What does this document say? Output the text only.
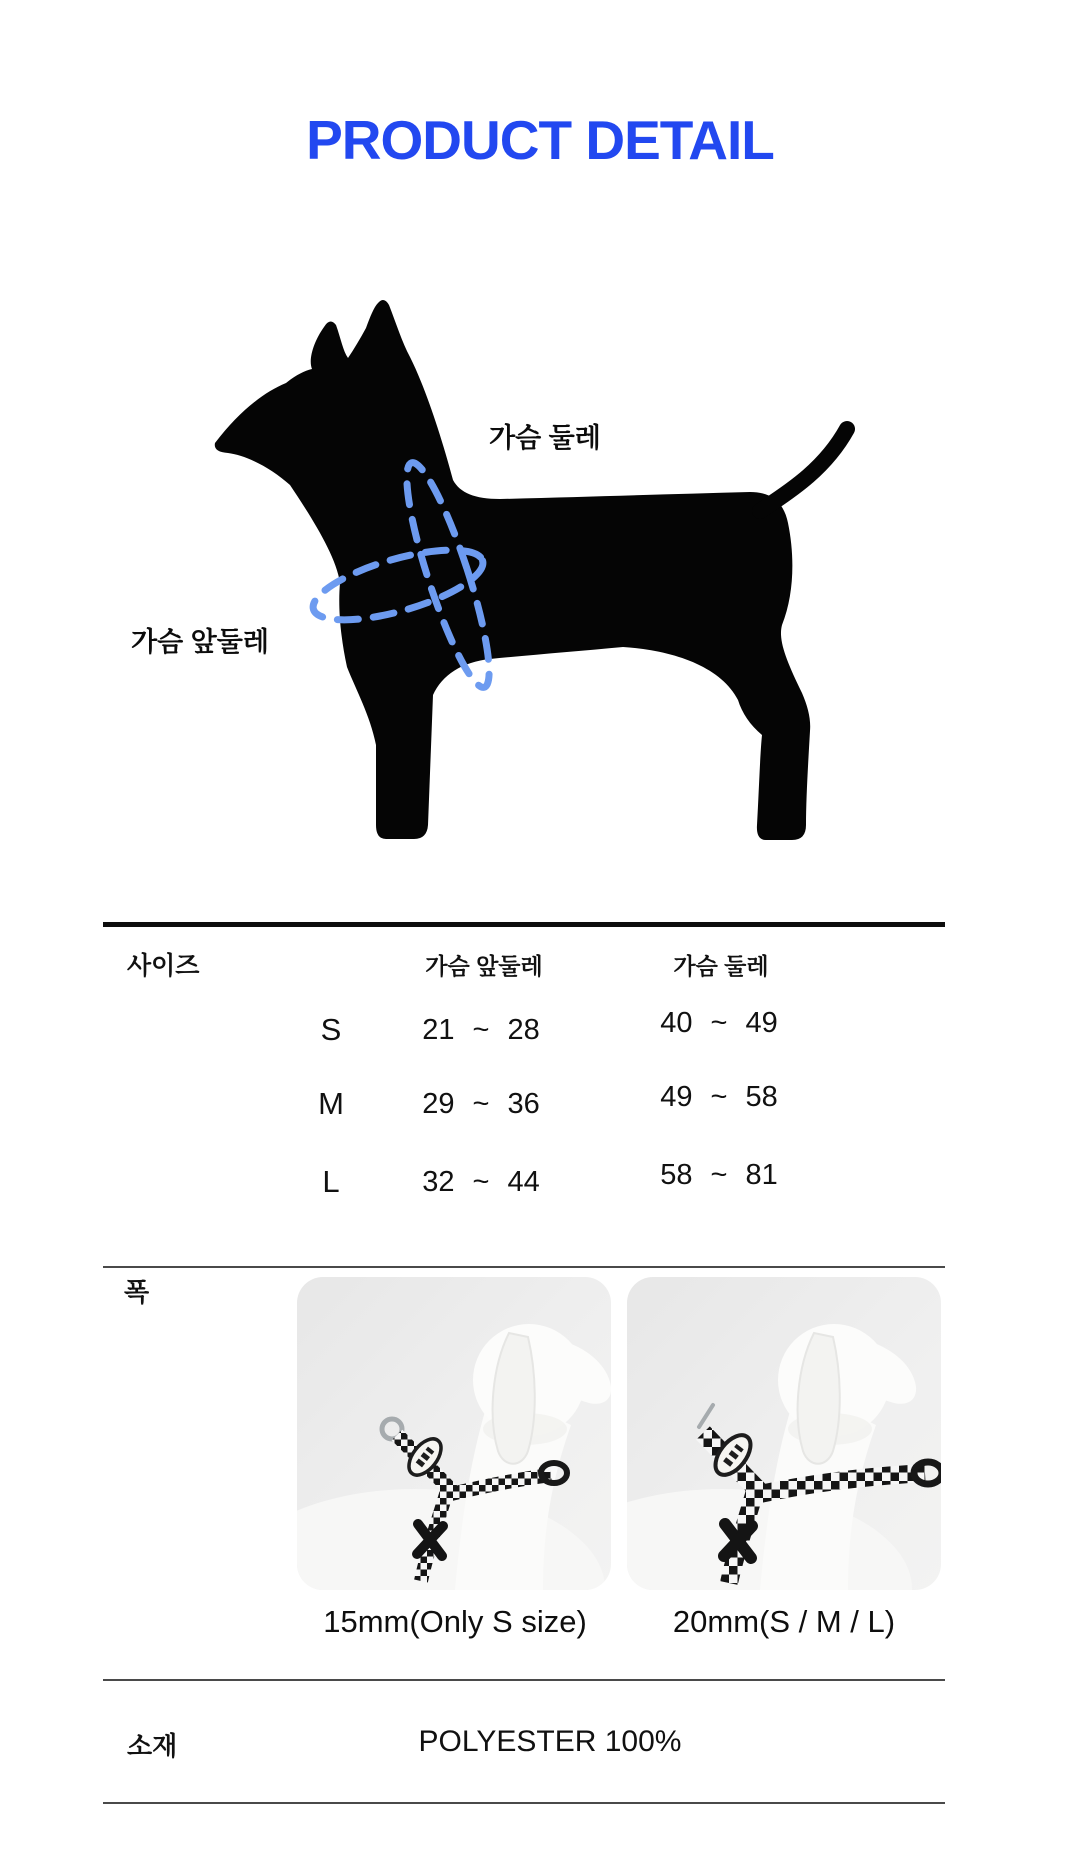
PRODUCT DETAIL
가슴 둘레
가슴 앞둘레
사이즈	가슴 앞둘레	가슴 둘레
S	21 ~ 28	40 ~ 49
M	29 ~ 36	49 ~ 58
L	32 ~ 44	58 ~ 81
폭
15mm(Only S size)	20mm(S / M / L)
소재	POLYESTER 100%
